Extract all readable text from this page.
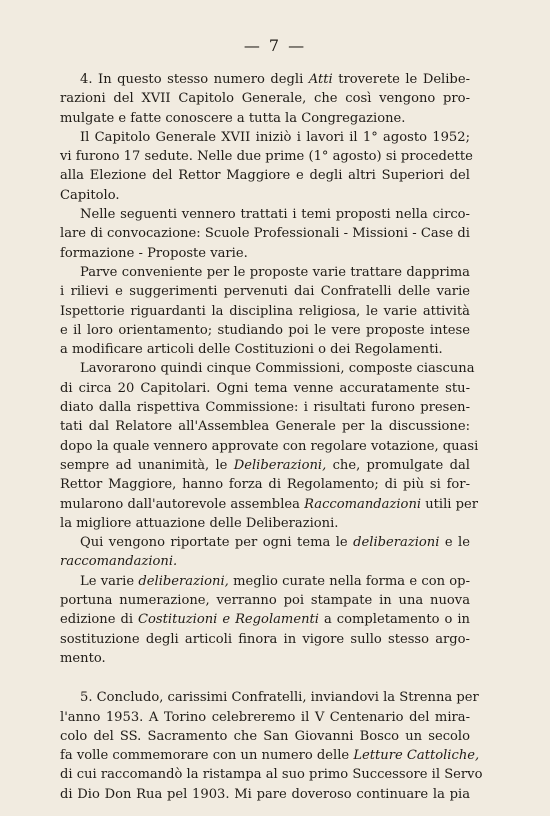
— 7 —
4. In questo stesso numero degli Atti troverete le Delibe-
razioni del XVII Capitolo Generale, che così vengono pro-
mulgate e fatte conoscere a tutta la Congregazione.
Il Capitolo Generale XVII iniziò i lavori il 1° agosto 1952;
vi furono 17 sedute. Nelle due prime (1° agosto) si procedette
alla Elezione del Rettor Maggiore e degli altri Superiori del
Capitolo.
Nelle seguenti vennero trattati i temi proposti nella circo-
lare di convocazione: Scuole Professionali - Missioni - Case di
formazione - Proposte varie.
Parve conveniente per le proposte varie trattare dapprima
i rilievi e suggerimenti pervenuti dai Confratelli delle varie
Ispettorie riguardanti la disciplina religiosa, le varie attività
e il loro orientamento; studiando poi le vere proposte intese
a modificare articoli delle Costituzioni o dei Regolamenti.
Lavorarono quindi cinque Commissioni, composte ciascuna
di circa 20 Capitolari. Ogni tema venne accuratamente stu-
diato dalla rispettiva Commissione: i risultati furono presen-
tati dal Relatore all'Assemblea Generale per la discussione:
dopo la quale vennero approvate con regolare votazione, quasi
sempre ad unanimità, le Deliberazioni, che, promulgate dal
Rettor Maggiore, hanno forza di Regolamento; di più si for-
mularono dall'autorevole assemblea Raccomandazioni utili per
la migliore attuazione delle Deliberazioni.
Qui vengono riportate per ogni tema le deliberazioni e le
raccomandazioni.
Le varie deliberazioni, meglio curate nella forma e con op-
portuna numerazione, verranno poi stampate in una nuova
edizione di Costituzioni e Regolamenti a completamento o in
sostituzione degli articoli finora in vigore sullo stesso argo-
mento.
5. Concludo, carissimi Confratelli, inviandovi la Strenna per
l'anno 1953. A Torino celebreremo il V Centenario del mira-
colo del SS. Sacramento che San Giovanni Bosco un secolo
fa volle commemorare con un numero delle Letture Cattoliche,
di cui raccomandò la ristampa al suo primo Successore il Servo
di Dio Don Rua pel 1903. Mi pare doveroso continuare la pia
